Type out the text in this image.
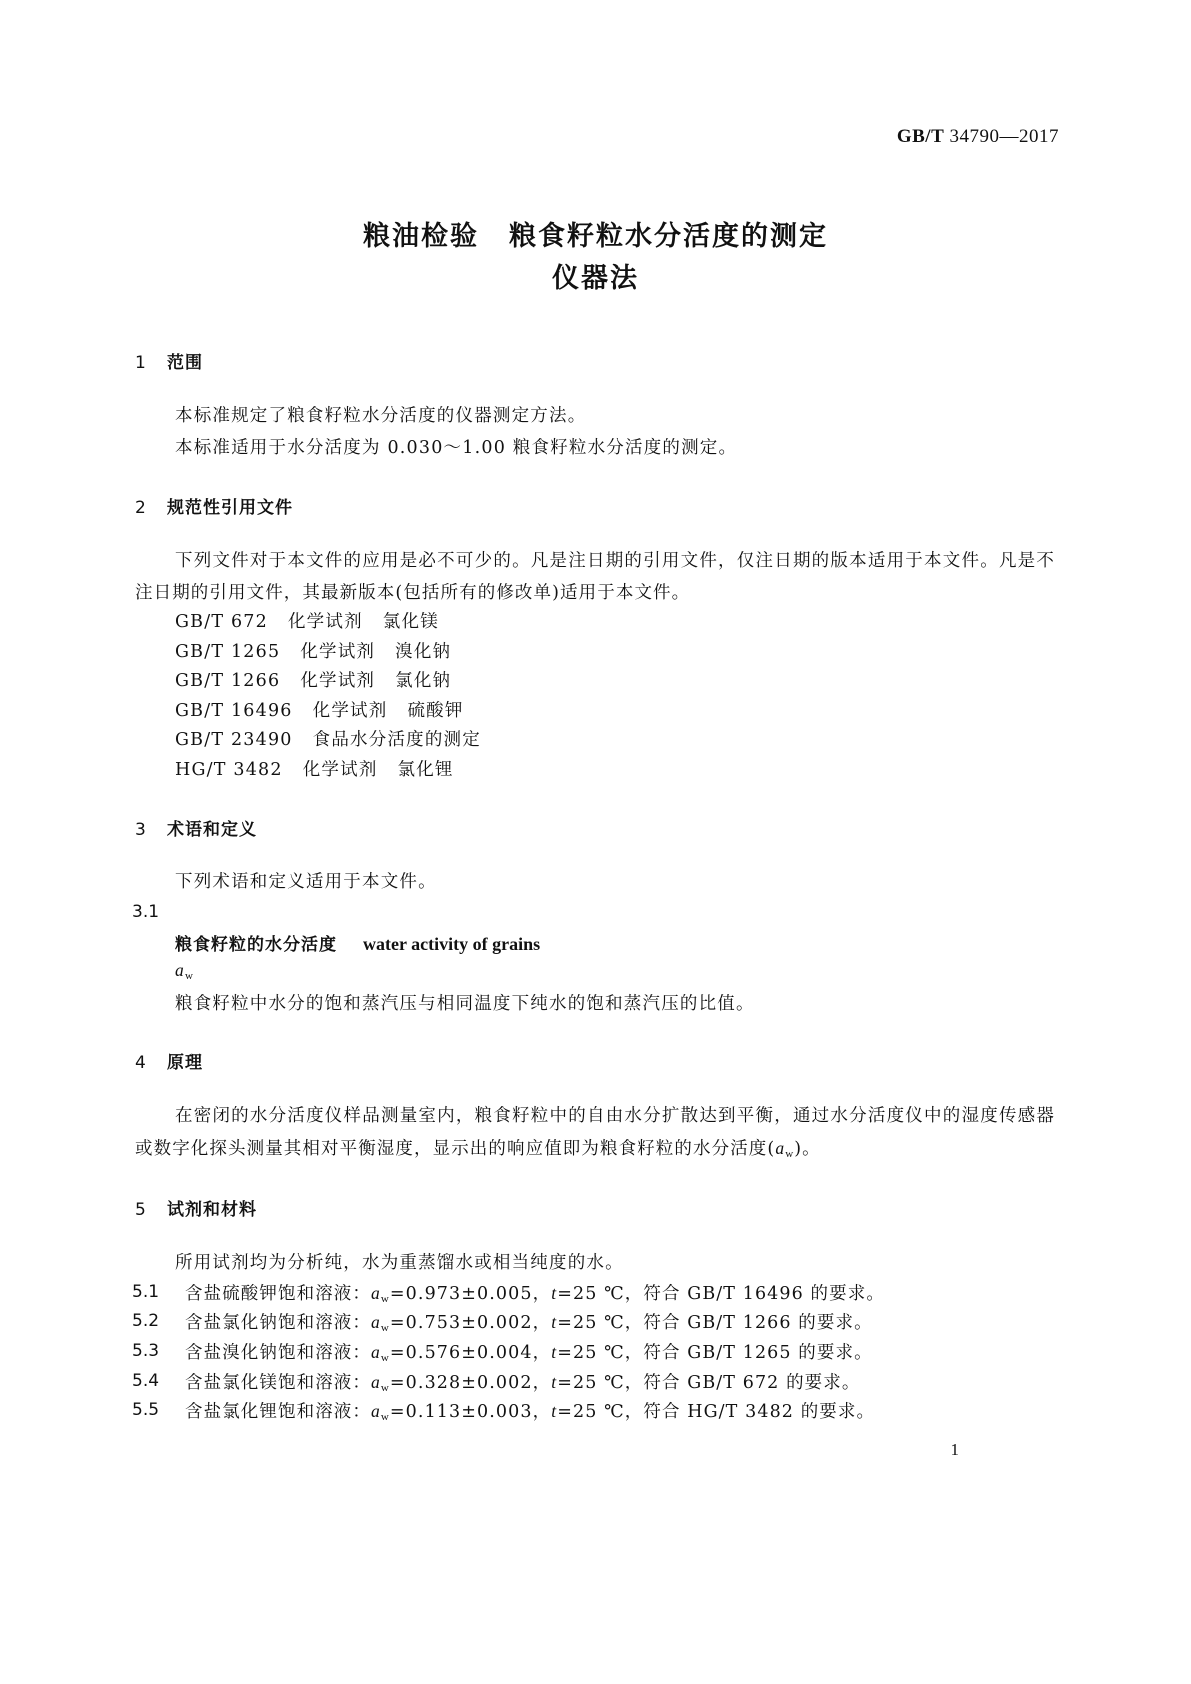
GB/T 34790—2017
粮油检验 粮食籽粒水分活度的测定
仪器法
1 范围
本标准规定了粮食籽粒水分活度的仪器测定方法。
本标准适用于水分活度为 0.030～1.00 粮食籽粒水分活度的测定。
2 规范性引用文件
下列文件对于本文件的应用是必不可少的。凡是注日期的引用文件，仅注日期的版本适用于本文件。凡是不注日期的引用文件，其最新版本(包括所有的修改单)适用于本文件。
GB/T 672 化学试剂 氯化镁
GB/T 1265 化学试剂 溴化钠
GB/T 1266 化学试剂 氯化钠
GB/T 16496 化学试剂 硫酸钾
GB/T 23490 食品水分活度的测定
HG/T 3482 化学试剂 氯化锂
3 术语和定义
下列术语和定义适用于本文件。
3.1
粮食籽粒的水分活度 water activity of grains
$a_w$
粮食籽粒中水分的饱和蒸汽压与相同温度下纯水的饱和蒸汽压的比值。
4 原理
在密闭的水分活度仪样品测量室内，粮食籽粒中的自由水分扩散达到平衡，通过水分活度仪中的湿度传感器或数字化探头测量其相对平衡湿度，显示出的响应值即为粮食籽粒的水分活度$(a_w)$。
5 试剂和材料
所用试剂均为分析纯，水为重蒸馏水或相当纯度的水。
5.1 含盐硫酸钾饱和溶液：$a_w=0.973\pm 0.005$，t=25 ℃，符合 GB/T 16496 的要求。
5.2 含盐氯化钠饱和溶液：$a_w=0.753\pm 0.002$，t=25 ℃，符合 GB/T 1266 的要求。
5.3 含盐溴化钠饱和溶液：$a_w=0.576\pm 0.004$，t=25 ℃，符合 GB/T 1265 的要求。
5.4 含盐氯化镁饱和溶液：$a_w=0.328\pm 0.002$，t=25 ℃，符合 GB/T 672 的要求。
5.5 含盐氯化锂饱和溶液：$a_w=0.113\pm 0.003$，t=25 ℃，符合 HG/T 3482 的要求。
1
